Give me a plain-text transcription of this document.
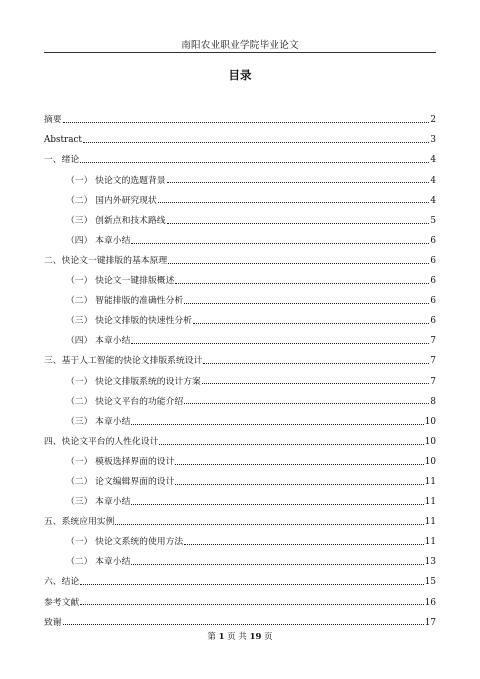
南阳农业职业学院毕业论文
目录
摘要	2
Abstract	3
一、绪论	4
（一） 快论文的选题背景	4
（二） 国内外研究现状	4
（三） 创新点和技术路线	5
（四） 本章小结	6
二、快论文一键排版的基本原理	6
（一） 快论文一键排版概述	6
（二） 智能排版的准确性分析	6
（三） 快论文排版的快速性分析	6
（四） 本章小结	7
三、基于人工智能的快论文排版系统设计	7
（一） 快论文排版系统的设计方案	7
（二） 快论文平台的功能介绍	8
（三） 本章小结	10
四、快论文平台的人性化设计	10
（一） 模板选择界面的设计	10
（二） 论文编辑界面的设计	11
（三） 本章小结	11
五、系统应用实例	11
（一） 快论文系统的使用方法	11
（二） 本章小结	13
六、结论	15
参考文献	16
致谢	17
第 1 页 共 19 页
